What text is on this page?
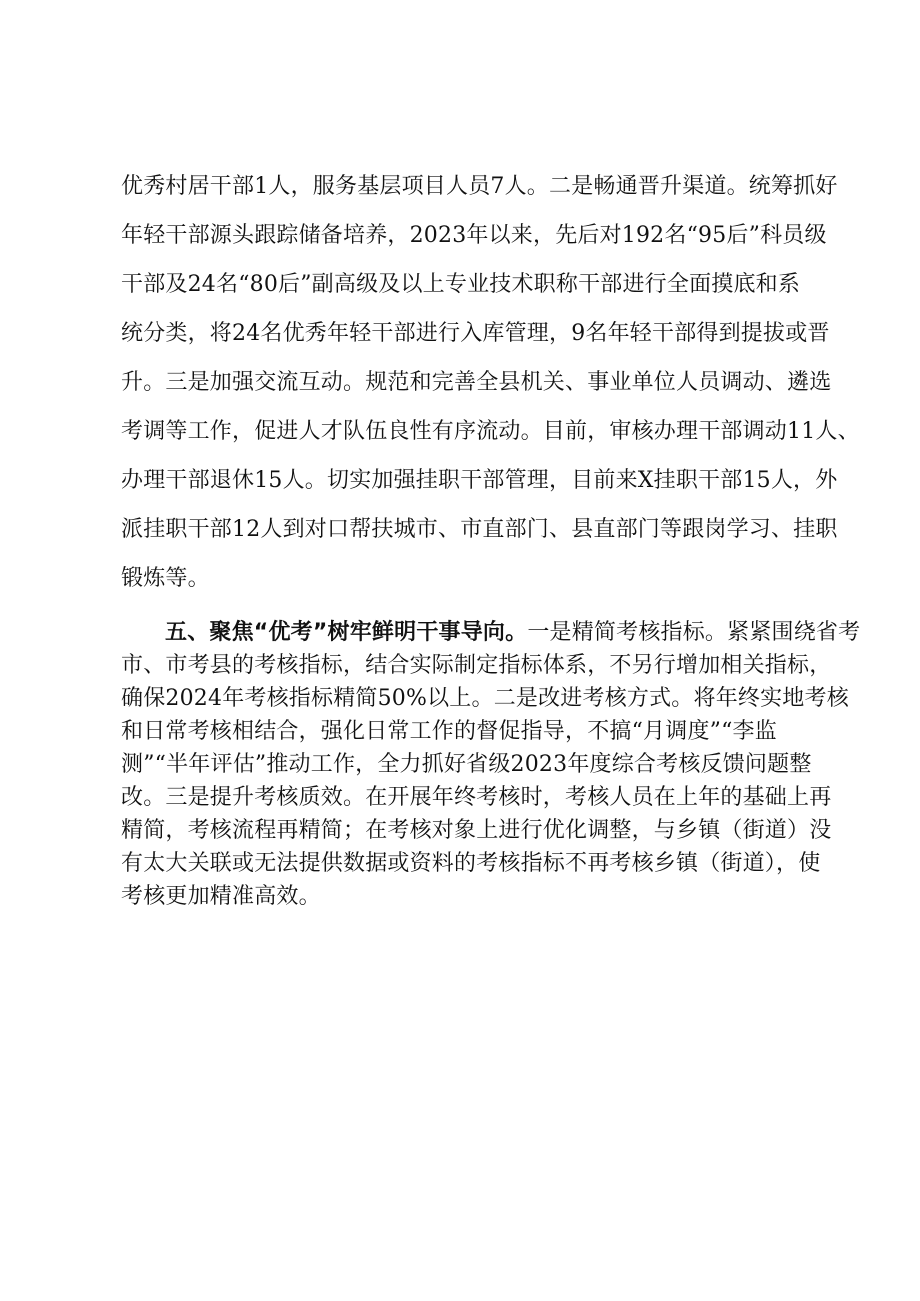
优秀村居干部1人，服务基层项目人员7人。二是畅通晋升渠道。统筹抓好
年轻干部源头跟踪储备培养，2023年以来，先后对192名“95后”科员级
干部及24名“80后”副高级及以上专业技术职称干部进行全面摸底和系
统分类，将24名优秀年轻干部进行入库管理，9名年轻干部得到提拔或晋
升。三是加强交流互动。规范和完善全县机关、事业单位人员调动、遴选
考调等工作，促进人才队伍良性有序流动。目前，审核办理干部调动11人、
办理干部退休15人。切实加强挂职干部管理，目前来X挂职干部15人，外
派挂职干部12人到对口帮扶城市、市直部门、县直部门等跟岗学习、挂职
锻炼等。
五、聚焦“优考”树牢鲜明干事导向。一是精简考核指标。紧紧围绕省考
市、市考县的考核指标，结合实际制定指标体系，不另行增加相关指标，
确保2024年考核指标精简50%以上。二是改进考核方式。将年终实地考核
和日常考核相结合，强化日常工作的督促指导，不搞“月调度”“李监
测”“半年评估”推动工作，全力抓好省级2023年度综合考核反馈问题整
改。三是提升考核质效。在开展年终考核时，考核人员在上年的基础上再
精简，考核流程再精简；在考核对象上进行优化调整，与乡镇（街道）没
有太大关联或无法提供数据或资料的考核指标不再考核乡镇（街道），使
考核更加精准高效。
